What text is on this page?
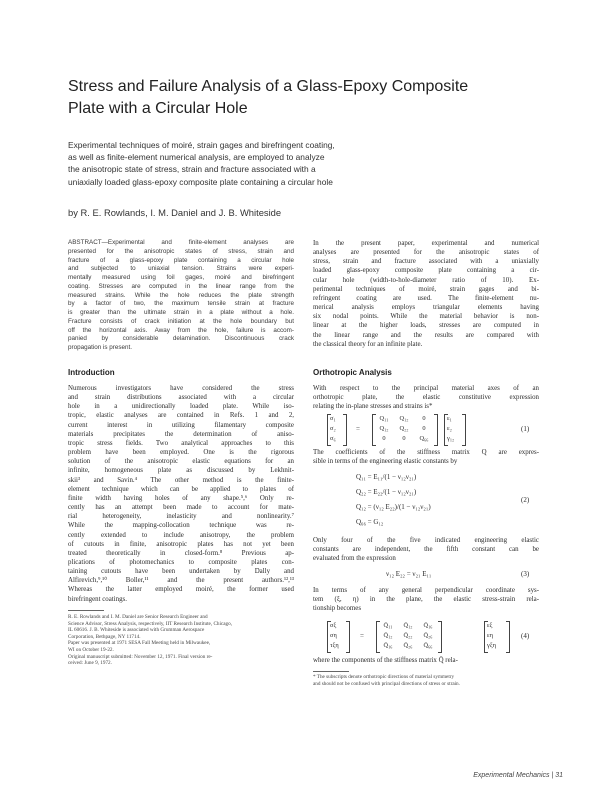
Stress and Failure Analysis of a Glass-Epoxy Composite
Plate with a Circular Hole
Experimental techniques of moiré, strain gages and birefringent coating,
as well as finite-element numerical analysis, are employed to analyze
the anisotropic state of stress, strain and fracture associated with a
uniaxially loaded glass-epoxy composite plate containing a circular hole
by R. E. Rowlands, I. M. Daniel and J. B. Whiteside
ABSTRACT—Experimental and finite-element analyses are
presented for the anisotropic states of stress, strain and
fracture of a glass-epoxy plate containing a circular hole
and subjected to uniaxial tension. Strains were experi-
mentally measured using foil gages, moiré and birefringent
coating. Stresses are computed in the linear range from the
measured strains. While the hole reduces the plate strength
by a factor of two, the maximum tensile strain at fracture
is greater than the ultimate strain in a plate without a hole.
Fracture consists of crack initiation at the hole boundary but
off the horizontal axis. Away from the hole, failure is accom-
panied by considerable delamination. Discontinuous crack
propagation is present.
Introduction
Numerous investigators have considered the stress
and strain distributions associated with a circular
hole in a unidirectionally loaded plate. While iso-
tropic, elastic analyses are contained in Refs. 1 and 2,
current interest in utilizing filamentary composite
materials precipitates the determination of aniso-
tropic stress fields. Two analytical approaches to this
problem have been employed. One is the rigorous
solution of the anisotropic elastic equations for an
infinite, homogeneous plate as discussed by Lekhnit-
skii³ and Savin.⁴ The other method is the finite-
element technique which can be applied to plates of
finite width having holes of any shape.⁵,⁶ Only re-
cently has an attempt been made to account for mate-
rial heterogeneity, inelasticity and nonlinearity.⁷
While the mapping-collocation technique was re-
cently extended to include anisotropy, the problem
of cutouts in finite, anisotropic plates has not yet been
treated theoretically in closed-form.⁸ Previous ap-
plications of photomechanics to composite plates con-
taining cutouts have been undertaken by Dally and
Alfirevich,⁹,¹⁰ Boller,¹¹ and the present authors.¹²,¹³
Whereas the latter employed moiré, the former used
birefringent coatings.
R. E. Rowlands and I. M. Daniel are Senior Research Engineer and
Science Advisor, Stress Analysis, respectively, IIT Research Institute, Chicago,
IL 60616. J. B. Whiteside is associated with Grumman Aerospace
Corporation, Bethpage, NY 11714.
Paper was presented at 1971 SESA Fall Meeting held in Milwaukee,
WI on October 19-22.
Original manuscript submitted: November 12, 1971. Final version re-
ceived: June 9, 1972.
In the present paper, experimental and numerical
analyses are presented for the anisotropic states of
stress, strain and fracture associated with a uniaxially
loaded glass-epoxy composite plate containing a cir-
cular hole (width-to-hole-diameter ratio of 10). Ex-
perimental techniques of moiré, strain gages and bi-
refringent coating are used. The finite-element nu-
merical analysis employs triangular elements having
six nodal points. While the material behavior is non-
linear at the higher loads, stresses are computed in
the linear range and the results are compared with
the classical theory for an infinite plate.
Orthotropic Analysis
With respect to the principal material axes of an
orthotropic plate, the elastic constitutive expression
relating the in-plane stresses and strains is*
σ₁
σ₂
σ₆
=
Q₁₁ Q₁₂ 0
Q₁₂ Q₂₂ 0
0	0 Q₆₆
ε₁
ε₂
γ₁₂
(1)
The coefficients of the stiffness matrix Q are expres-
sible in terms of the engineering elastic constants by
Q₁₁ = E₁₁/(1 − ν₁₂ν₂₁)
Q₂₂ = E₂₂/(1 − ν₁₂ν₂₁)
Q₁₂ = (ν₁₂ E₂₂)/(1 − ν₁₂ν₂₁)
Q₆₆ = G₁₂
(2)
Only four of the five indicated engineering elastic
constants are independent, the fifth constant can be
evaluated from the expression
ν₁₂ E₂₂ = ν₂₁ E₁₁	(3)
In terms of any general perpendicular coordinate sys-
tem (ξ, η) in the plane, the elastic stress-strain rela-
tionship becomes
σξ
ση
τξη
=
Q̄₁₁ Q̄₁₂ Q̄₁₆
Q̄₁₂ Q̄₂₂ Q̄₂₆
Q̄₁₆ Q̄₂₆ Q̄₆₆
εξ
εη
γξη
(4)
where the components of the stiffness matrix Q̄ rela-
* The subscripts denote orthotropic directions of material symmetry
and should not be confused with principal directions of stress or strain.
Experimental Mechanics | 31
